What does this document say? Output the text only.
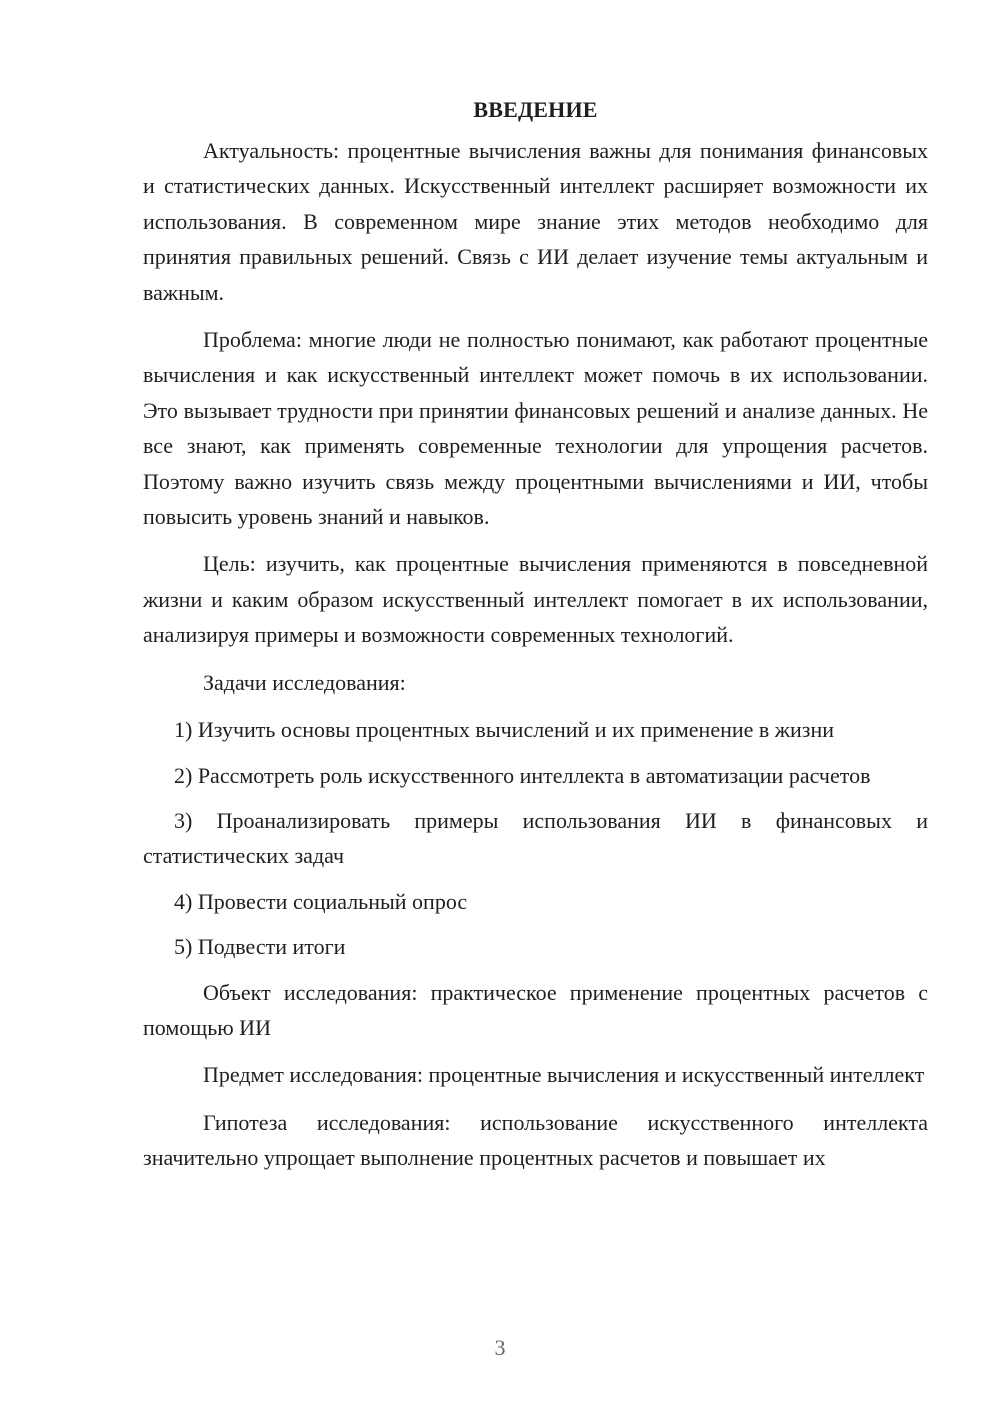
ВВЕДЕНИЕ

Актуальность: процентные вычисления важны для понимания финансовых и статистических данных. Искусственный интеллект расширяет возможности их использования. В современном мире знание этих методов необходимо для принятия правильных решений. Связь с ИИ делает изучение темы актуальным и важным.

Проблема: многие люди не полностью понимают, как работают процентные вычисления и как искусственный интеллект может помочь в их использовании. Это вызывает трудности при принятии финансовых решений и анализе данных. Не все знают, как применять современные технологии для упрощения расчетов. Поэтому важно изучить связь между процентными вычислениями и ИИ, чтобы повысить уровень знаний и навыков.

Цель: изучить, как процентные вычисления применяются в повседневной жизни и каким образом искусственный интеллект помогает в их использовании, анализируя примеры и возможности современных технологий.

Задачи исследования:

1) Изучить основы процентных вычислений и их применение в жизни

2) Рассмотреть роль искусственного интеллекта в автоматизации расчетов

3) Проанализировать примеры использования ИИ в финансовых и статистических задач

4) Провести социальный опрос

5) Подвести итоги

Объект исследования: практическое применение процентных расчетов с помощью ИИ

Предмет исследования: процентные вычисления и искусственный интеллект

Гипотеза исследования: использование искусственного интеллекта значительно упрощает выполнение процентных расчетов и повышает их

3
